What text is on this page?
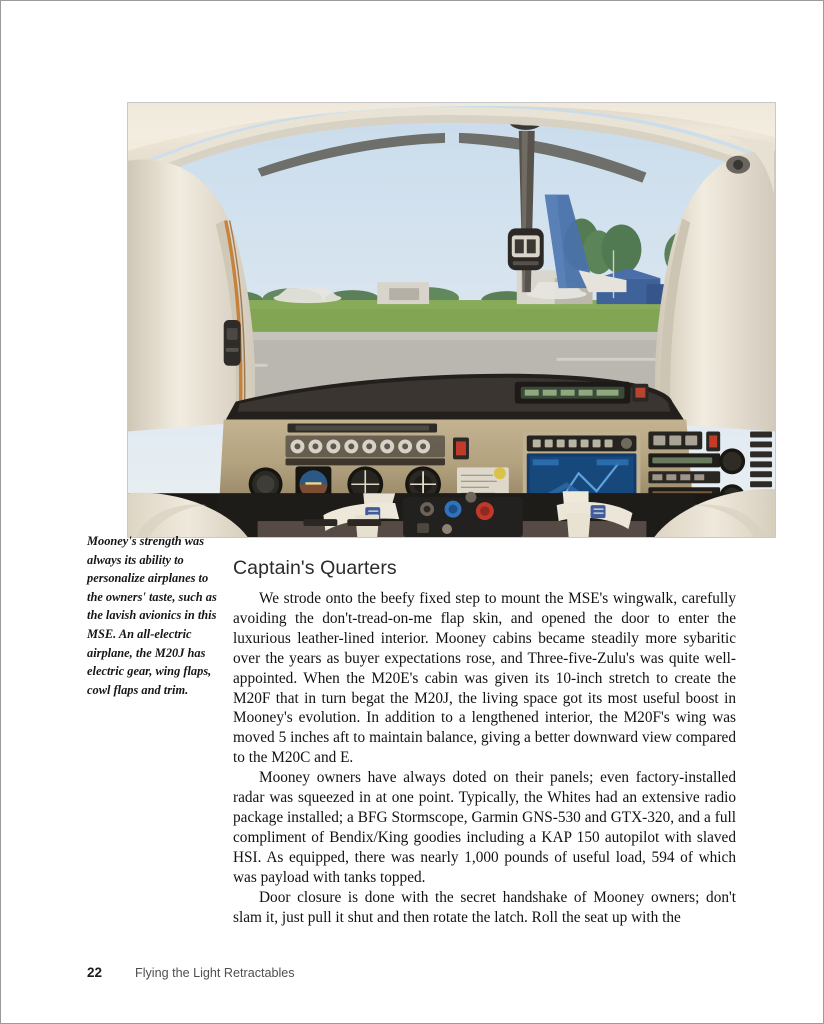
Mooney's strength was always its ability to personalize airplanes to the owners' taste, such as the lavish avionics in this MSE. An all-electric airplane, the M20J has electric gear, wing flaps, cowl flaps and trim.
Captain's Quarters

We strode onto the beefy fixed step to mount the MSE's wingwalk, carefully avoiding the don't-tread-on-me flap skin, and opened the door to enter the luxurious leather-lined interior. Mooney cabins became steadily more sybaritic over the years as buyer expectations rose, and Three-five-Zulu's was quite well-appointed. When the M20E's cabin was given its 10-inch stretch to create the M20F that in turn begat the M20J, the living space got its most useful boost in Mooney's evolution. In addition to a lengthened interior, the M20F's wing was moved 5 inches aft to maintain balance, giving a better downward view compared to the M20C and E.

Mooney owners have always doted on their panels; even factory-installed radar was squeezed in at one point. Typically, the Whites had an extensive radio package installed; a BFG Stormscope, Garmin GNS-530 and GTX-320, and a full compliment of Bendix/King goodies including a KAP 150 autopilot with slaved HSI. As equipped, there was nearly 1,000 pounds of useful load, 594 of which was payload with tanks topped.

Door closure is done with the secret handshake of Mooney owners; don't slam it, just pull it shut and then rotate the latch. Roll the seat up with the

22	Flying the Light Retractables
